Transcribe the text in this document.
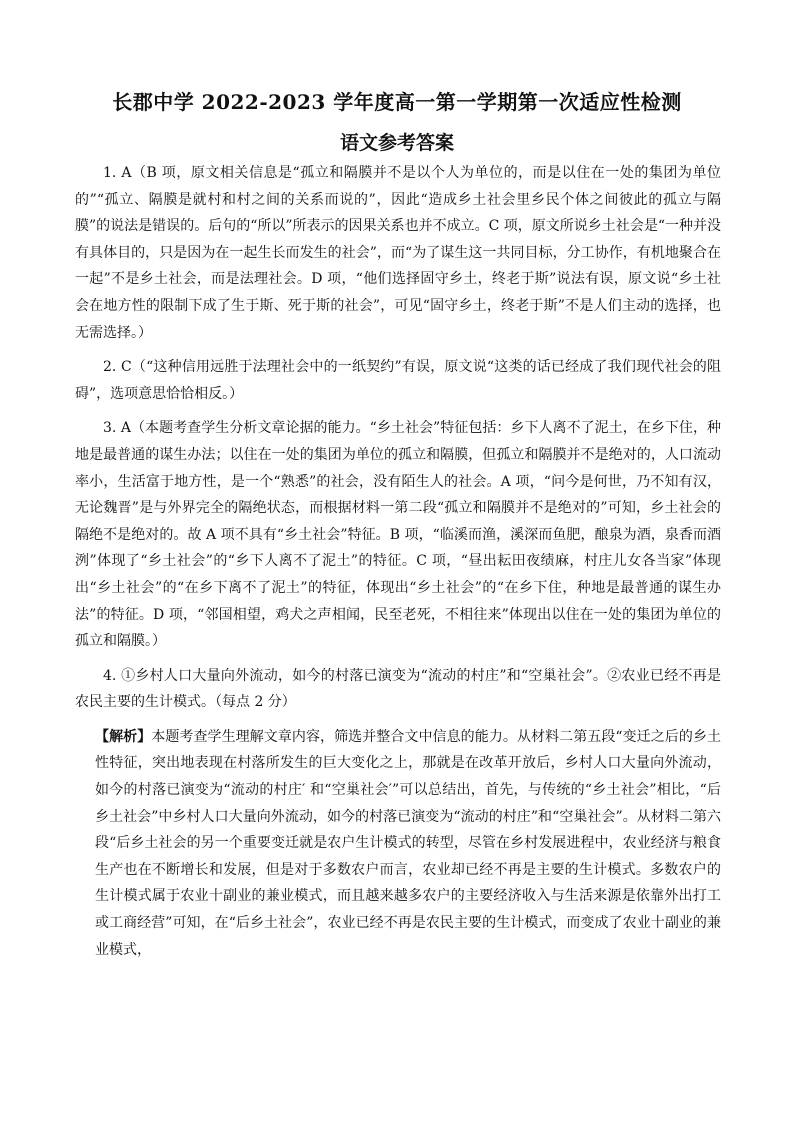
长郡中学 2022-2023 学年度高一第一学期第一次适应性检测
语文参考答案

1. A（B 项，原文相关信息是“孤立和隔膜并不是以个人为单位的，而是以住在一处的集团为单位的”“孤立、隔膜是就村和村之间的关系而说的”，因此“造成乡土社会里乡民个体之间彼此的孤立与隔膜”的说法是错误的。后句的“所以”所表示的因果关系也并不成立。C 项，原文所说乡土社会是“一种并没有具体目的，只是因为在一起生长而发生的社会”，而“为了谋生这一共同目标，分工协作，有机地聚合在一起”不是乡土社会，而是法理社会。D 项，“他们选择固守乡土，终老于斯”说法有误，原文说“乡土社会在地方性的限制下成了生于斯、死于斯的社会”，可见“固守乡土，终老于斯”不是人们主动的选择，也无需选择。）

2. C（“这种信用远胜于法理社会中的一纸契约”有误，原文说“这类的话已经成了我们现代社会的阻碍”，选项意思恰恰相反。）

3. A（本题考查学生分析文章论据的能力。“乡土社会”特征包括：乡下人离不了泥土，在乡下住，种地是最普通的谋生办法；以住在一处的集团为单位的孤立和隔膜，但孤立和隔膜并不是绝对的，人口流动率小，生活富于地方性，是一个“熟悉”的社会，没有陌生人的社会。A 项，“问今是何世，乃不知有汉，无论魏晋”是与外界完全的隔绝状态，而根据材料一第二段“孤立和隔膜并不是绝对的”可知，乡土社会的隔绝不是绝对的。故 A 项不具有“乡土社会”特征。B 项，“临溪而渔，溪深而鱼肥，酿泉为酒，泉香而酒洌”体现了“乡土社会”的“乡下人离不了泥土”的特征。C 项，“昼出耘田夜绩麻，村庄儿女各当家”体现出“乡土社会”的“在乡下离不了泥土”的特征，体现出“乡土社会”的“在乡下住，种地是最普通的谋生办法”的特征。D 项，“邻国相望，鸡犬之声相闻，民至老死，不相往来”体现出以住在一处的集团为单位的孤立和隔膜。）

4. ①乡村人口大量向外流动，如今的村落已演变为“流动的村庄”和“空巢社会”。②农业已经不再是农民主要的生计模式。（每点 2 分）

【解析】本题考查学生理解文章内容，筛选并整合文中信息的能力。从材料二第五段“变迁之后的乡土性特征，突出地表现在村落所发生的巨大变化之上，那就是在改革开放后，乡村人口大量向外流动，如今的村落已演变为“流动的村庄′ 和“空巢社会′”可以总结出，首先，与传统的“乡土社会”相比，“后乡土社会”中乡村人口大量向外流动，如今的村落已演变为“流动的村庄”和“空巢社会”。从材料二第六段“后乡土社会的另一个重要变迁就是农户生计模式的转型，尽管在乡村发展进程中，农业经济与粮食生产也在不断增长和发展，但是对于多数农户而言，农业却已经不再是主要的生计模式。多数农户的生计模式属于农业十副业的兼业模式，而且越来越多农户的主要经济收入与生活来源是依靠外出打工或工商经营”可知，在“后乡土社会”，农业已经不再是农民主要的生计模式，而变成了农业十副业的兼业模式，
